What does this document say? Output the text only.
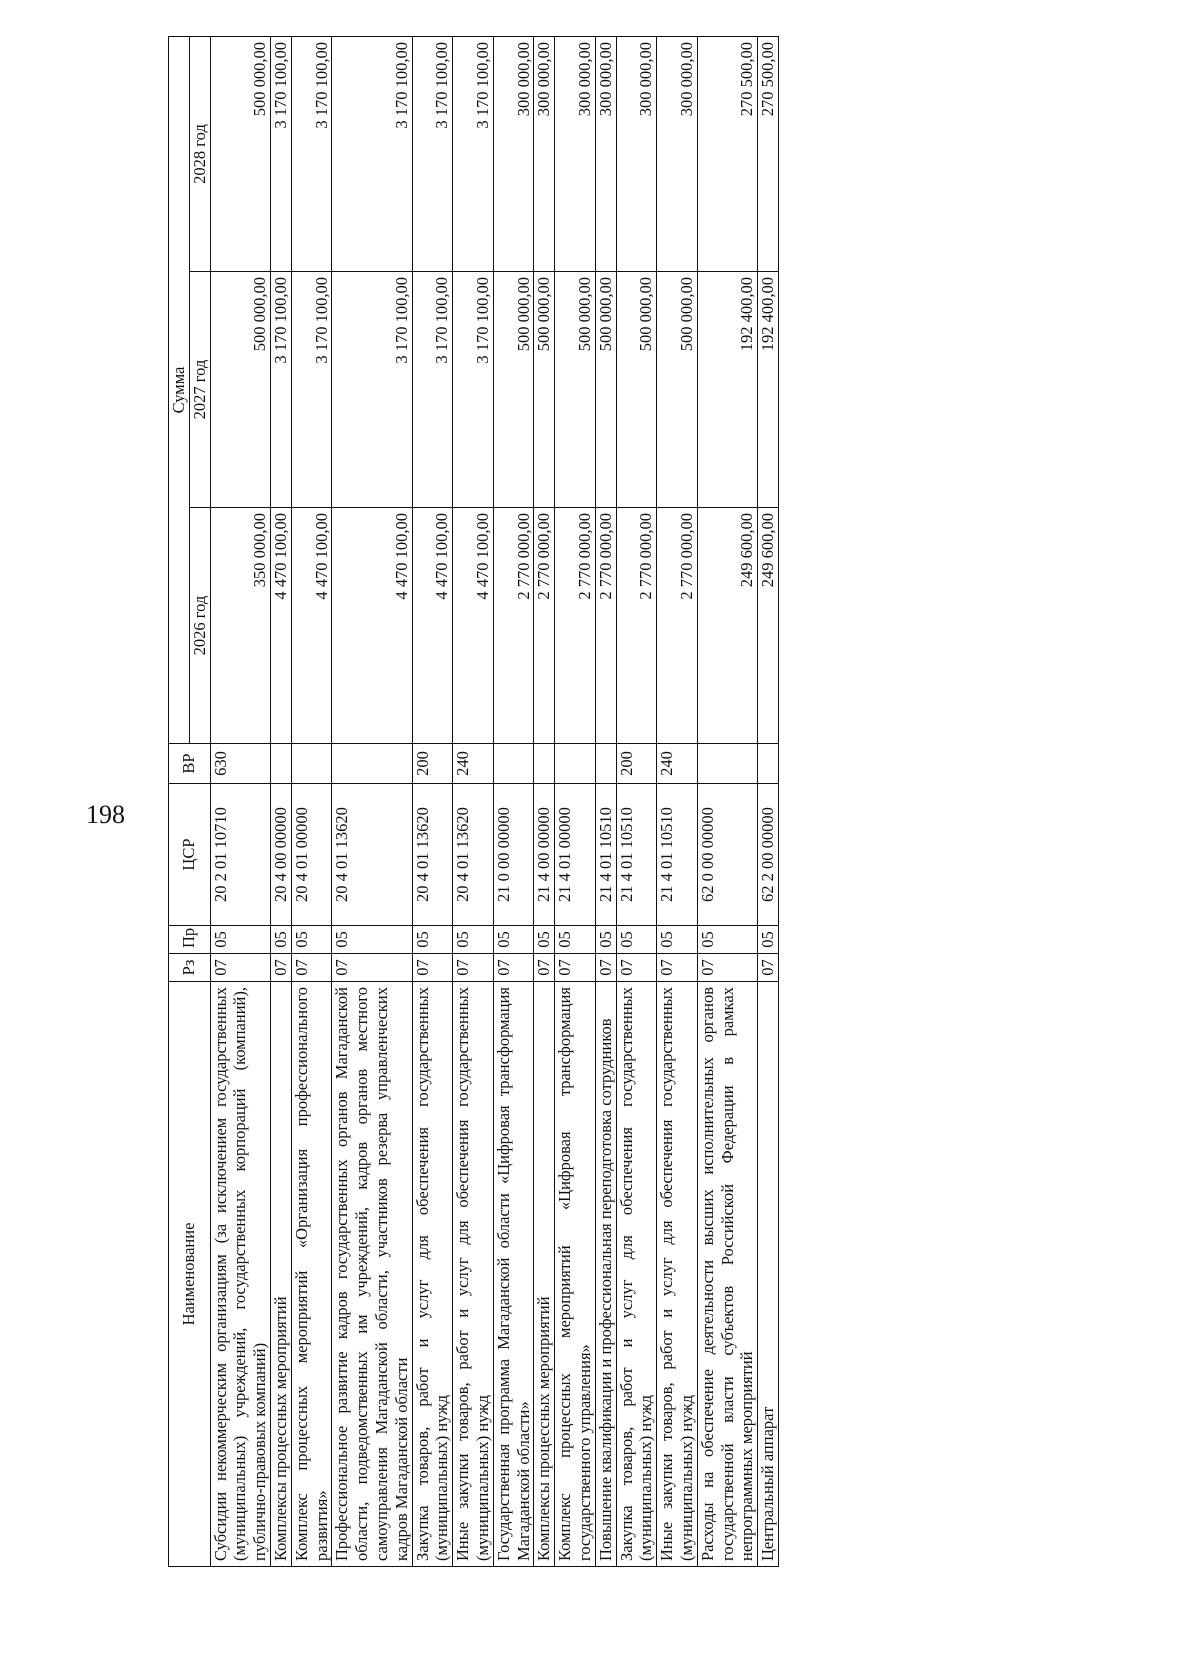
198
Наименование	Рз	Пр	ЦСР	ВР	Сумма		
					2026 год	2027 год	2028 год
Субсидии некоммерческим организациям (за исключением государственных (муниципальных) учреждений, государственных корпораций (компаний), публично-правовых компаний)	07	05	20 2 01 10710	630	350 000,00	500 000,00	500 000,00
Комплексы процессных мероприятий	07	05	20 4 00 00000		4 470 100,00	3 170 100,00	3 170 100,00
Комплекс процессных мероприятий «Организация профессионального развития»	07	05	20 4 01 00000		4 470 100,00	3 170 100,00	3 170 100,00
Профессиональное развитие кадров государственных органов Магаданской области, подведомственных им учреждений, кадров органов местного самоуправления Магаданской области, участников резерва управленческих кадров Магаданской области	07	05	20 4 01 13620		4 470 100,00	3 170 100,00	3 170 100,00
Закупка товаров, работ и услуг для обеспечения государственных (муниципальных) нужд	07	05	20 4 01 13620	200	4 470 100,00	3 170 100,00	3 170 100,00
Иные закупки товаров, работ и услуг для обеспечения государственных (муниципальных) нужд	07	05	20 4 01 13620	240	4 470 100,00	3 170 100,00	3 170 100,00
Государственная программа Магаданской области «Цифровая трансформация Магаданской области»	07	05	21 0 00 00000		2 770 000,00	500 000,00	300 000,00
Комплексы процессных мероприятий	07	05	21 4 00 00000		2 770 000,00	500 000,00	300 000,00
Комплекс процессных мероприятий «Цифровая трансформация государственного управления»	07	05	21 4 01 00000		2 770 000,00	500 000,00	300 000,00
Повышение квалификации и профессиональная переподготовка сотрудников	07	05	21 4 01 10510		2 770 000,00	500 000,00	300 000,00
Закупка товаров, работ и услуг для обеспечения государственных (муниципальных) нужд	07	05	21 4 01 10510	200	2 770 000,00	500 000,00	300 000,00
Иные закупки товаров, работ и услуг для обеспечения государственных (муниципальных) нужд	07	05	21 4 01 10510	240	2 770 000,00	500 000,00	300 000,00
Расходы на обеспечение деятельности высших исполнительных органов государственной власти субъектов Российской Федерации в рамках непрограммных мероприятий	07	05	62 0 00 00000		249 600,00	192 400,00	270 500,00
Центральный аппарат	07	05	62 2 00 00000		249 600,00	192 400,00	270 500,00
